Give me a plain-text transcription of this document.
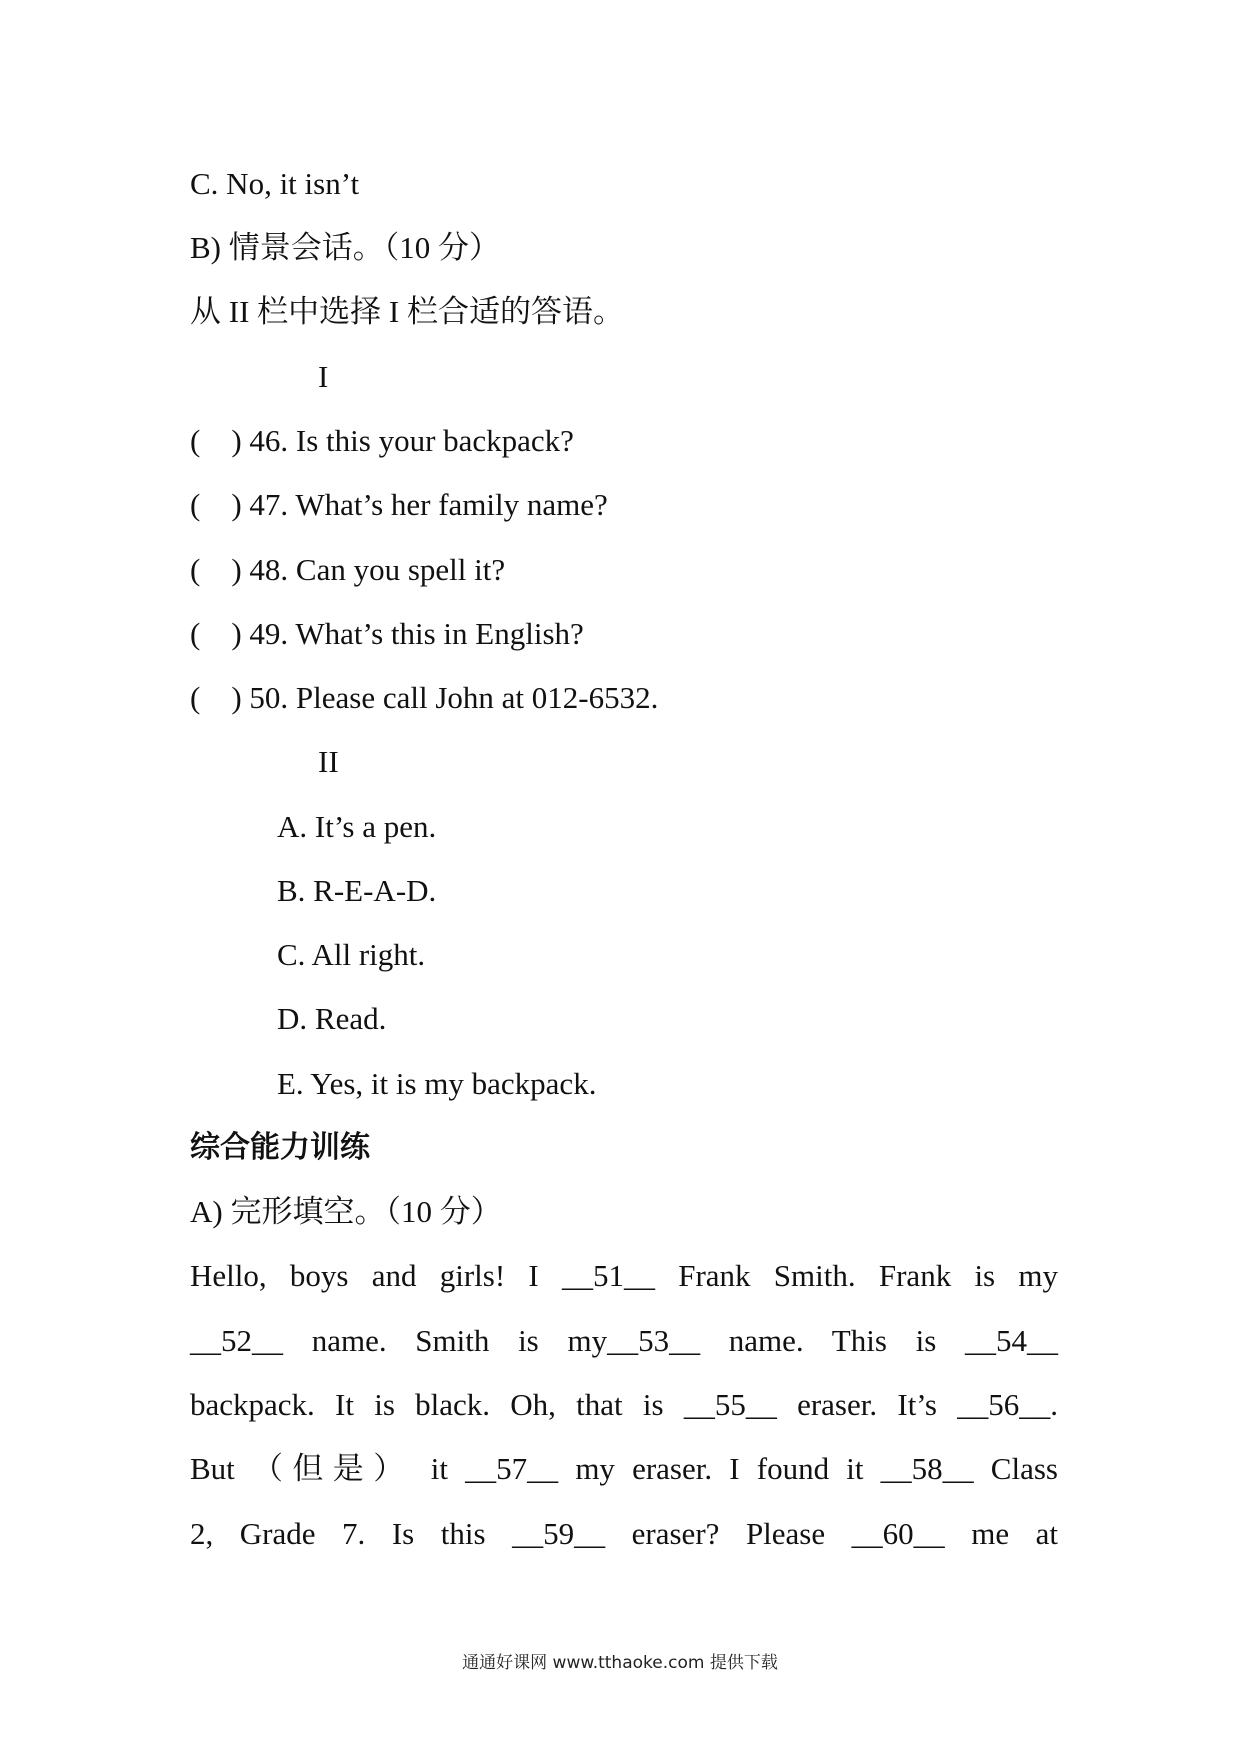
C. No, it isn’t
B) 情景会话。（10 分）
从 II 栏中选择 I 栏合适的答语。
I
(    ) 46. Is this your backpack?
(    ) 47. What’s her family name?
(    ) 48. Can you spell it?
(    ) 49. What’s this in English?
(    ) 50. Please call John at 012-6532.
II
A. It’s a pen.
B. R-E-A-D.
C. All right.
D. Read.
E. Yes, it is my backpack.
综合能力训练
A) 完形填空。（10 分）
Hello, boys and girls! I __51__ Frank Smith. Frank is my
__52__ name. Smith is my__53__ name. This is __54__
backpack. It is black. Oh, that is __55__ eraser. It’s __56__.
But （但是） it __57__ my eraser. I found it __58__ Class
2, Grade 7. Is this __59__ eraser? Please __60__ me at
通通好课网 www.tthaoke.com 提供下载
